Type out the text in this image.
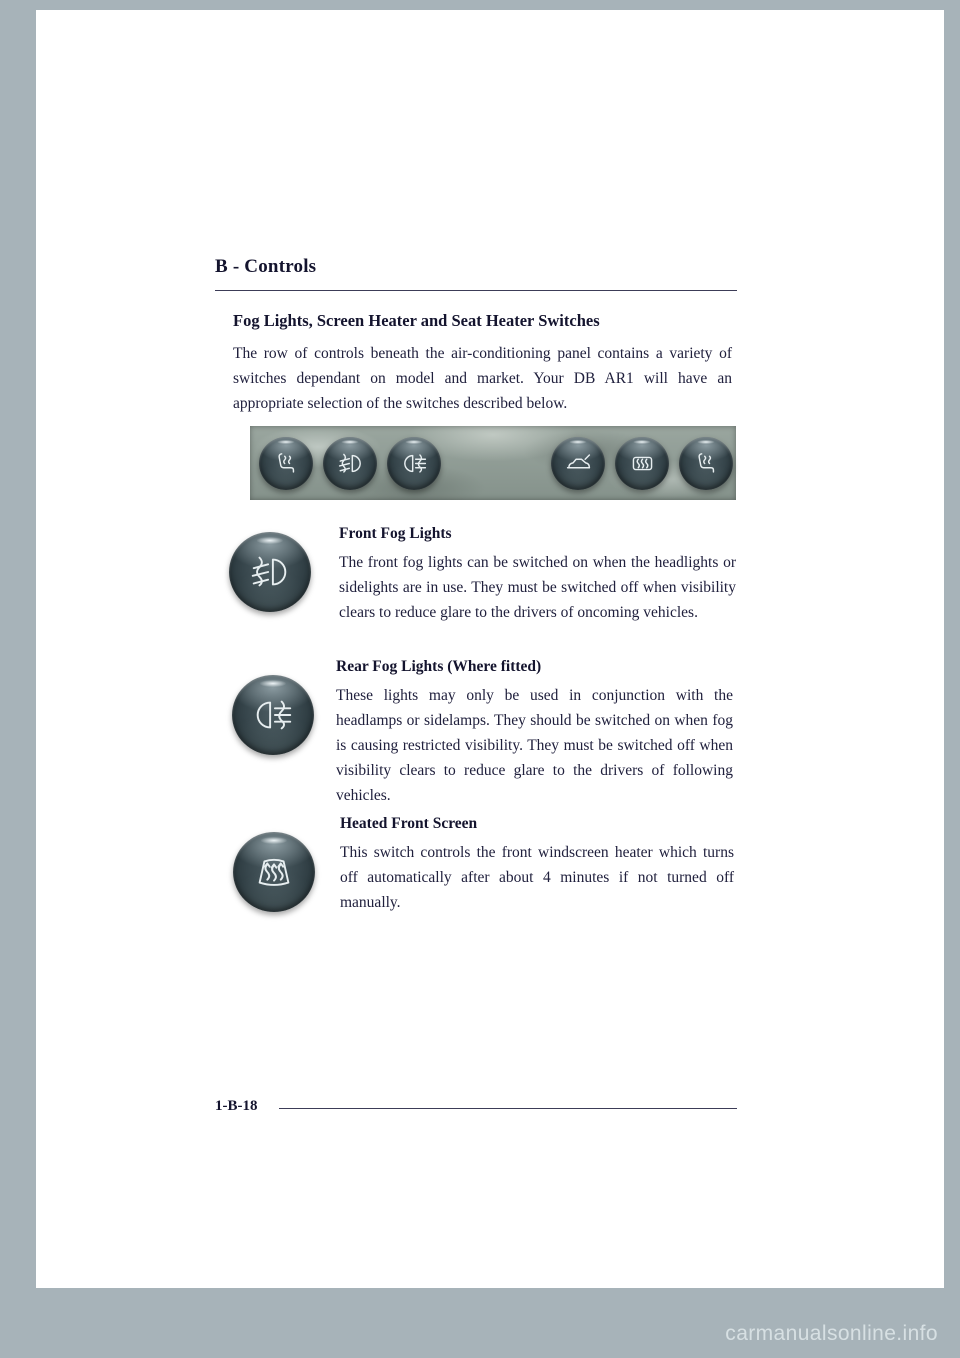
B - Controls
Fog Lights, Screen Heater and Seat Heater Switches

The row of controls beneath the air-conditioning panel contains a variety of switches dependant on model and market. Your DB AR1 will have an appropriate selection of the switches described below.

Front Fog Lights

The front fog lights can be switched on when the headlights or sidelights are in use. They must be switched off when visibility clears to reduce glare to the drivers of oncoming vehicles.

Rear Fog Lights (Where fitted)

These lights may only be used in conjunction with the headlamps or sidelamps. They should be switched on when fog is causing restricted visibility. They must be switched off when visibility clears to reduce glare to the drivers of following vehicles.

Heated Front Screen

This switch controls the front windscreen heater which turns off automatically after about 4 minutes if not turned off manually.

1-B-18

carmanualsonline.info
